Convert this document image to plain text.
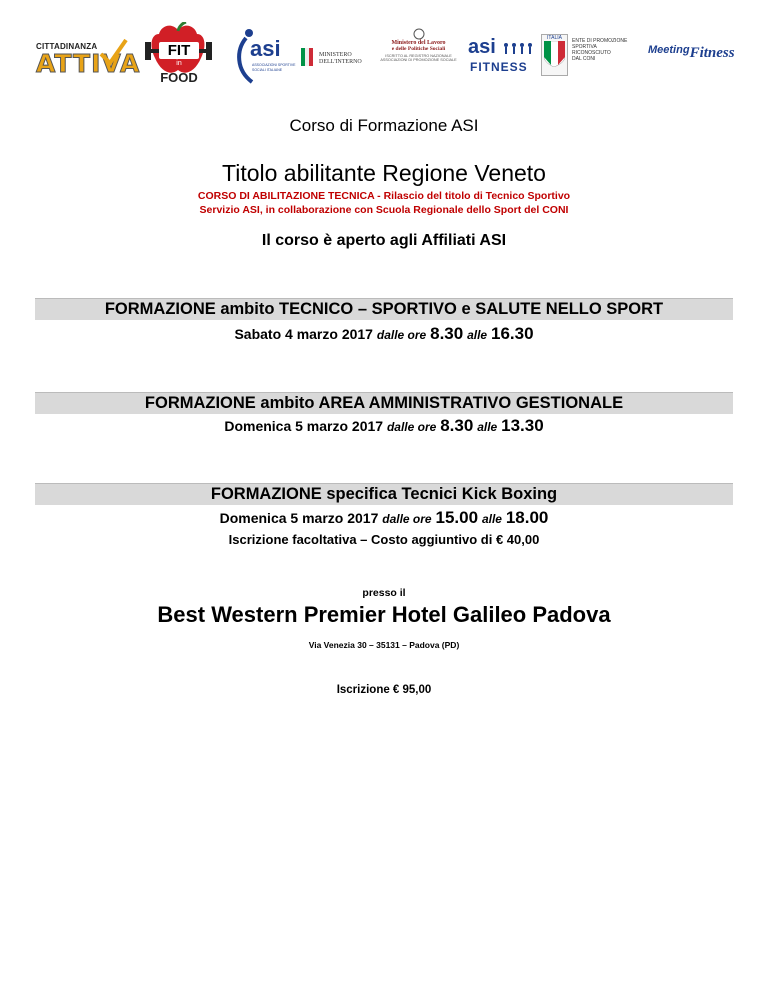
CITTADINANZA
ATTIVA	FIT
in
FOOD
asi
ASSOCIAZIONI SPORTIVE SOCIALI ITALIANE
MINISTERO
DELL'INTERNO
Ministero del Lavoro
e delle Politiche Sociali
ISCRITTO AL REGISTRO NAZIONALE
ASSOCIAZIONI DI PROMOZIONE SOCIALE
asi
FITNESS
ITALIA	ENTE DI PROMOZIONE
SPORTIVA
RICONOSCIUTO
DAL CONI
MeetingFitness
Corso di Formazione ASI
Titolo abilitante Regione Veneto
CORSO DI ABILITAZIONE TECNICA - Rilascio del titolo di Tecnico Sportivo
Servizio ASI, in collaborazione con Scuola Regionale dello Sport del CONI
Il corso è aperto agli Affiliati ASI
FORMAZIONE ambito TECNICO – SPORTIVO e SALUTE NELLO SPORT
Sabato 4 marzo 2017 dalle ore 8.30 alle 16.30
FORMAZIONE ambito AREA AMMINISTRATIVO GESTIONALE
Domenica 5 marzo 2017 dalle ore 8.30 alle 13.30
FORMAZIONE specifica Tecnici Kick Boxing
Domenica 5 marzo 2017 dalle ore 15.00 alle 18.00
Iscrizione facoltativa – Costo aggiuntivo di € 40,00
presso il
Best Western Premier Hotel Galileo Padova
Via Venezia 30 – 35131 – Padova (PD)
Iscrizione € 95,00
